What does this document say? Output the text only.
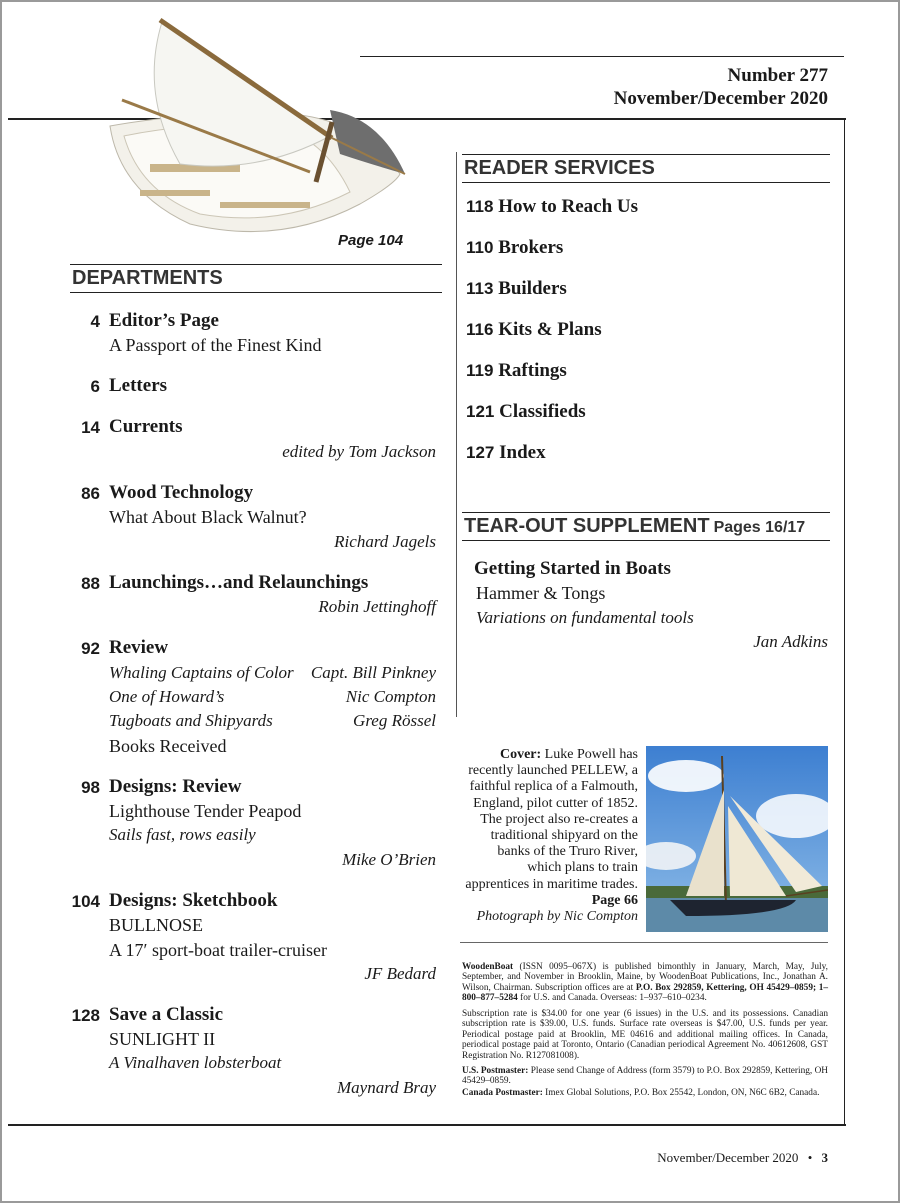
Number 277
November/December 2020
Page 104
DEPARTMENTS
4 Editor’s Page
A Passport of the Finest Kind
6 Letters
14 Currents
edited by Tom Jackson
86 Wood Technology
What About Black Walnut?
Richard Jagels
88 Launchings…and Relaunchings
Robin Jettinghoff
92 Review
Whaling Captains of Color Capt. Bill Pinkney
One of Howard’s	Nic Compton
Tugboats and Shipyards	Greg Rössel
Books Received
98 Designs: Review
Lighthouse Tender Peapod
Sails fast, rows easily
Mike O’Brien
104 Designs: Sketchbook
BULLNOSE
A 17′ sport-boat trailer-cruiser
JF Bedard
128 Save a Classic
SUNLIGHT II
A Vinalhaven lobsterboat
Maynard Bray
READER SERVICES
118 How to Reach Us
110 Brokers
113 Builders
116 Kits & Plans
119 Raftings
121 Classifieds
127 Index
TEAR-OUT SUPPLEMENT Pages 16/17
Getting Started in Boats
Hammer & Tongs
Variations on fundamental tools
Jan Adkins
Cover: Luke Powell has recently launched PELLEW, a faithful replica of a Falmouth, England, pilot cutter of 1852. The project also re-creates a traditional shipyard on the banks of the Truro River, which plans to train apprentices in maritime trades.
Page 66
Photograph by Nic Compton
WoodenBoat (ISSN 0095–067X) is published bimonthly in January, March, May, July, September, and November in Brooklin, Maine, by WoodenBoat Publications, Inc., Jonathan A. Wilson, Chairman. Subscription offices are at P.O. Box 292859, Kettering, OH 45429–0859; 1–800–877–5284 for U.S. and Canada. Overseas: 1–937–610–0234.
Subscription rate is $34.00 for one year (6 issues) in the U.S. and its possessions. Canadian subscription rate is $39.00, U.S. funds. Surface rate overseas is $47.00, U.S. funds per year. Periodical postage paid at Brooklin, ME 04616 and additional mailing offices. In Canada, periodical postage paid at Toronto, Ontario (Canadian periodical Agreement No. 40612608, GST Registration No. R127081008).
U.S. Postmaster: Please send Change of Address (form 3579) to P.O. Box 292859, Kettering, OH 45429–0859.
Canada Postmaster: Imex Global Solutions, P.O. Box 25542, London, ON, N6C 6B2, Canada.
November/December 2020 • 3
